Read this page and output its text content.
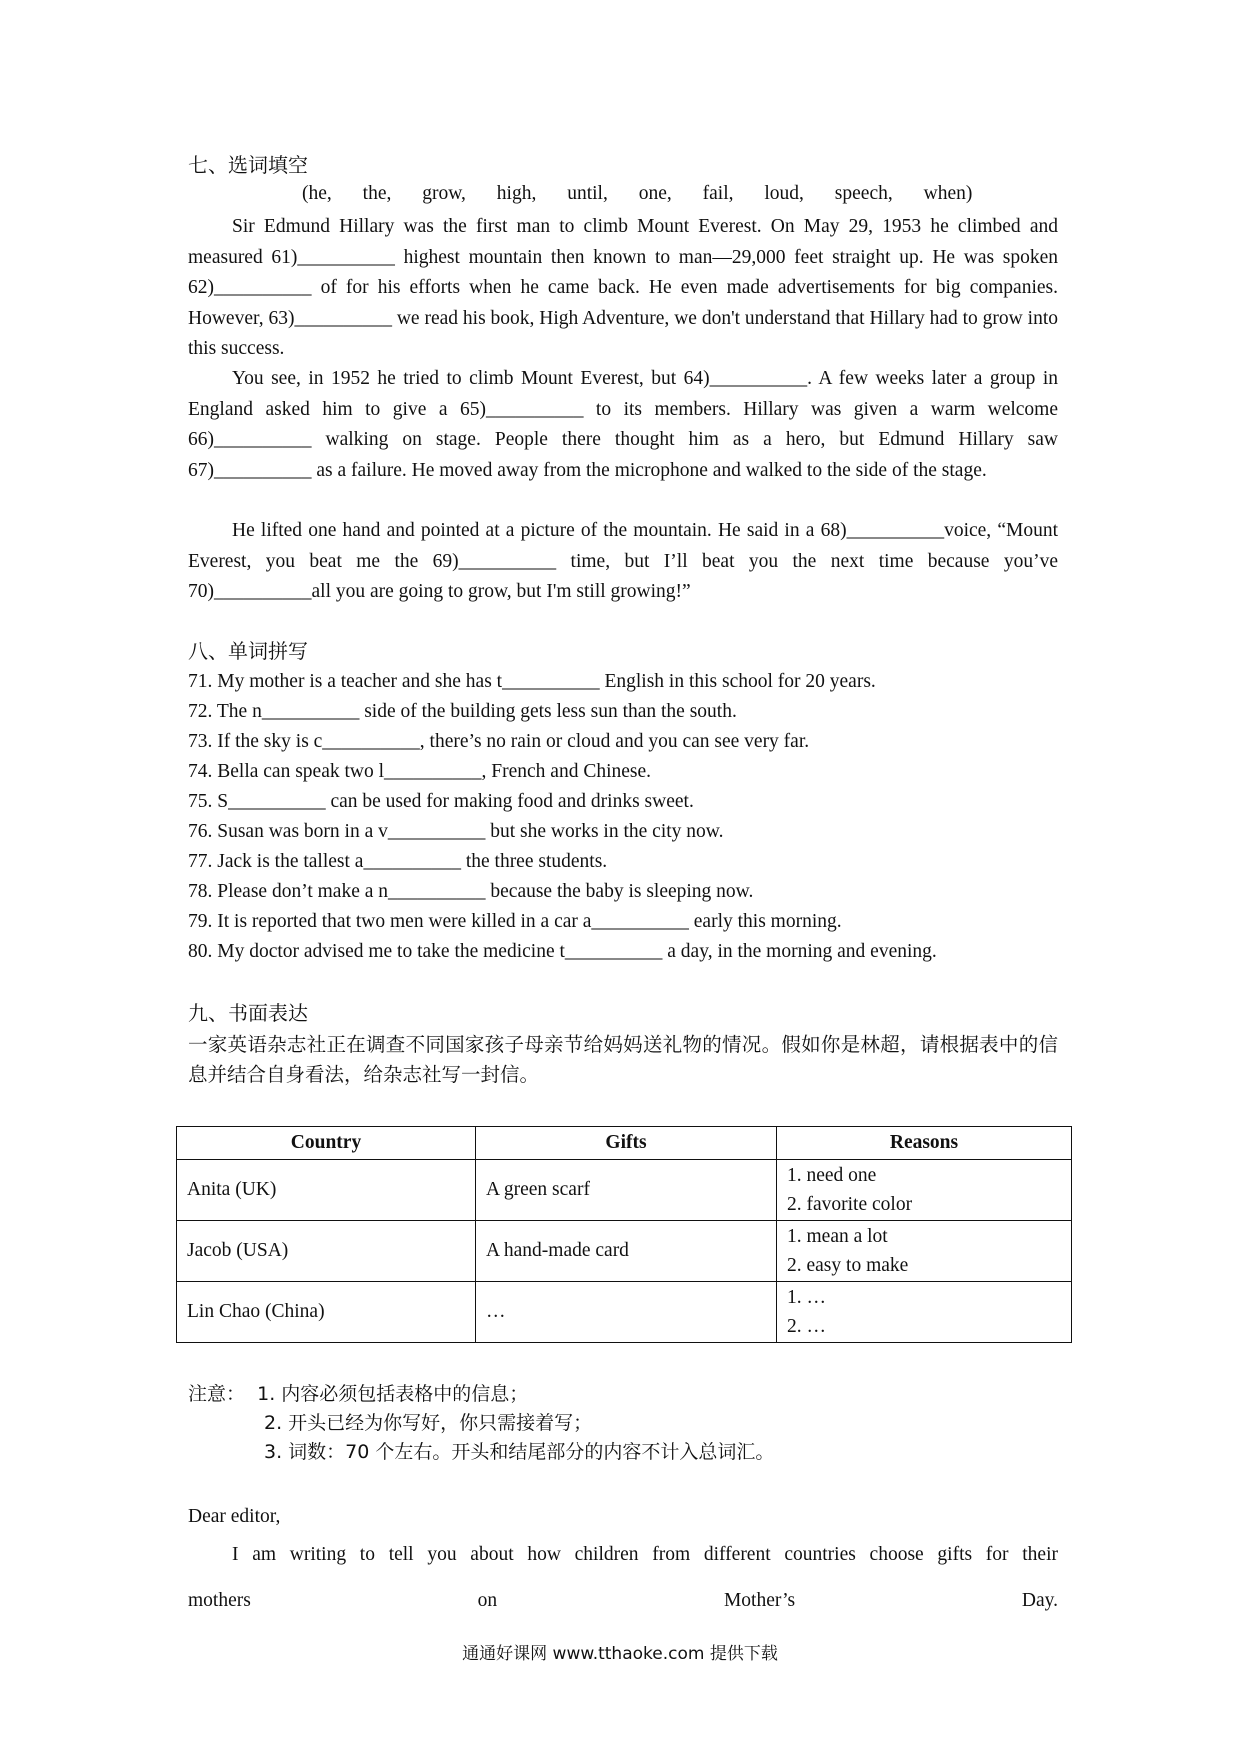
七、选词填空
(he, the, grow, high, until, one, fail, loud, speech, when)
Sir Edmund Hillary was the first man to climb Mount Everest. On May 29, 1953 he climbed and measured 61)__________ highest mountain then known to man—29,000 feet straight up. He was spoken 62)__________ of for his efforts when he came back. He even made advertisements for big companies. However, 63)__________ we read his book, High Adventure, we don't understand that Hillary had to grow into this success.
You see, in 1952 he tried to climb Mount Everest, but 64)__________. A few weeks later a group in England asked him to give a 65)__________ to its members. Hillary was given a warm welcome 66)__________ walking on stage. People there thought him as a hero, but Edmund Hillary saw 67)__________ as a failure. He moved away from the microphone and walked to the side of the stage.
He lifted one hand and pointed at a picture of the mountain. He said in a 68)__________voice, “Mount Everest, you beat me the 69)__________ time, but I’ll beat you the next time because you’ve 70)__________all you are going to grow, but I'm still growing!”
八、单词拼写
71. My mother is a teacher and she has t__________ English in this school for 20 years.
72. The n__________ side of the building gets less sun than the south.
73. If the sky is c__________, there’s no rain or cloud and you can see very far.
74. Bella can speak two l__________, French and Chinese.
75. S__________ can be used for making food and drinks sweet.
76. Susan was born in a v__________ but she works in the city now.
77. Jack is the tallest a__________ the three students.
78. Please don’t make a n__________ because the baby is sleeping now.
79. It is reported that two men were killed in a car a__________ early this morning.
80. My doctor advised me to take the medicine t__________ a day, in the morning and evening.
九、书面表达
一家英语杂志社正在调查不同国家孩子母亲节给妈妈送礼物的情况。假如你是林超，请根据表中的信息并结合自身看法，给杂志社写一封信。
Country	Gifts	Reasons
Anita (UK)	A green scarf	1. need one
2. favorite color

Jacob (USA)	A hand-made card	1. mean a lot
2. easy to make

Lin Chao (China)	…	1. …
2. …
注意： 1. 内容必须包括表格中的信息；
2. 开头已经为你写好，你只需接着写；
3. 词数：70 个左右。开头和结尾部分的内容不计入总词汇。
Dear editor,
I am writing to tell you about how children from different countries choose gifts for their
mothers on Mother’s Day.
通通好课网 www.tthaoke.com 提供下载
